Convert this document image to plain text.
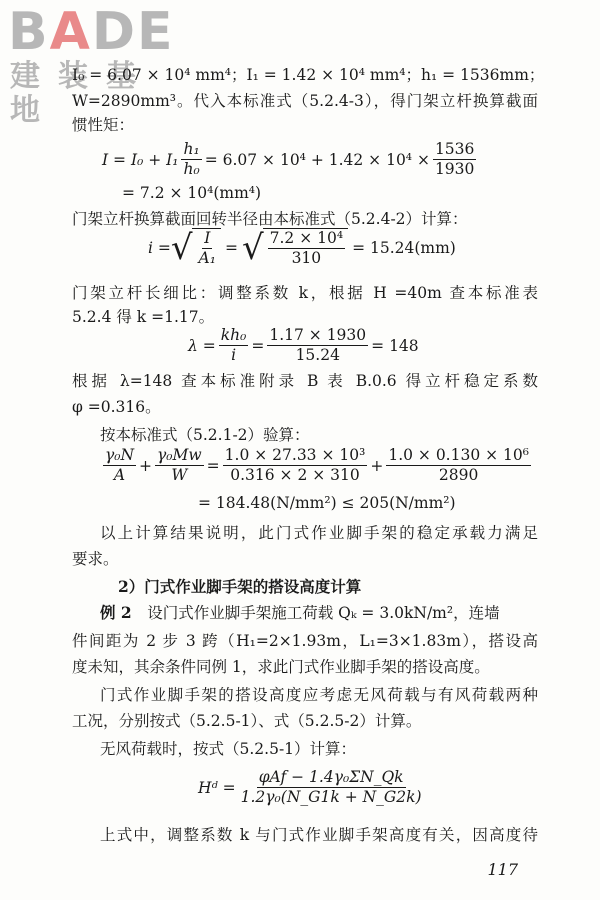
BADE
建装基地
I₀ = 6.07 × 10⁴ mm⁴；I₁ = 1.42 × 10⁴ mm⁴；h₁ = 1536mm；
W=2890mm³。代入本标准式（5.2.4-3），得门架立杆换算截面
惯性矩：
$I = I_0 + I_1 \frac{\text{h₁}}{\text{h₀}} = 6.07 \times 10^4 + 1.42 \times 10^4 \times \frac{1536}{1930}$
= 7.2 × 10⁴(mm⁴)
门架立杆换算截面回转半径由本标准式（5.2.4-2）计算：
i = √ $\frac{I}{\text{A₁}}$ = √ $\frac{\text{7.2 × 10⁴}}{310} = 15.24(mm)$
门架立杆长细比：调整系数 k，根据 H =40m 查本标准表
5.2.4 得 k =1.17。
$\lambda = \frac{\text{kh₀}}{i} = \frac{1.17 \times 1930}{15.24} = 148$
根据 λ=148 查本标准附录 B 表 B.0.6 得立杆稳定系数
φ =0.316。
按本标准式（5.2.1-2）验算：
γ₀N
A
+ $\frac{\text{γ₀Mw}}{W} = \frac{\text{1.0 × 27.33 × 10³}}{0.316 \times 2 \times 310} + \frac{\text{1.0 × 0.130 × 10⁶}}{2890}$
= 184.48(N/mm²) ≤ 205(N/mm²)
以上计算结果说明，此门式作业脚手架的稳定承载力满足
要求。
2）门式作业脚手架的搭设高度计算
例 2　 设门式作业脚手架施工荷载 Qₖ = 3.0kN/m²，连墙
件间距为 2 步 3 跨（H₁=2×1.93m，L₁=3×1.83m），搭设高
度未知，其余条件同例 1，求此门式作业脚手架的搭设高度。
门式作业脚手架的搭设高度应考虑无风荷载与有风荷载两种
工况，分别按式（5.2.5-1）、式（5.2.5-2）计算。
无风荷载时，按式（5.2.5-1）计算：
Hᵈ =
φAf − 1.4γ₀ΣN_Qk
1.2γ₀(N_G1k + N_G2k)
上式中，调整系数 k 与门式作业脚手架高度有关，因高度待
117
